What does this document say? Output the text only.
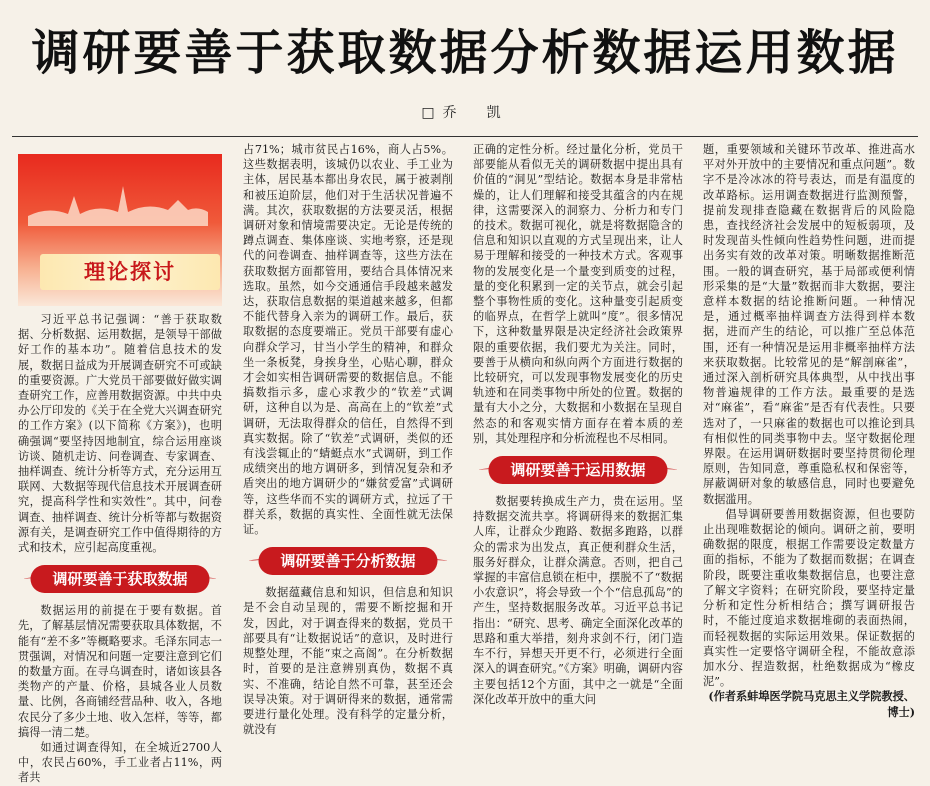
调研要善于获取数据分析数据运用数据
□乔　凯
理论探讨

习近平总书记强调：“善于获取数据、分析数据、运用数据，是领导干部做好工作的基本功”。随着信息技术的发展，数据日益成为开展调查研究不可或缺的重要资源。广大党员干部要做好做实调查研究工作，应善用数据资源。中共中央办公厅印发的《关于在全党大兴调查研究的工作方案》(以下简称《方案》)，也明确强调“要坚持因地制宜，综合运用座谈访谈、随机走访、问卷调查、专家调查、抽样调查、统计分析等方式，充分运用互联网、大数据等现代信息技术开展调查研究，提高科学性和实效性”。其中，问卷调查、抽样调查、统计分析等都与数据资源有关，是调查研究工作中值得期待的方式和技术，应引起高度重视。

调研要善于获取数据

数据运用的前提在于要有数据。首先，了解基层情况需要获取具体数据，不能有“差不多”等概略要求。毛泽东同志一贯强调，对情况和问题一定要注意到它们的数量方面。在寻乌调查时，诸如该县各类物产的产量、价格，县城各业人员数量、比例，各商铺经营品种、收入，各地农民分了多少土地、收入怎样，等等，都搞得一清二楚。

如通过调查得知，在全城近2700人中，农民占60%，手工业者占11%，两者共

占71%；城市贫民占16%，商人占5%。这些数据表明，该城仍以农业、手工业为主体，居民基本都出身农民，属于被剥削和被压迫阶层，他们对于生活状况普遍不满。其次，获取数据的方法要灵活，根据调研对象和情境需要决定。无论是传统的蹲点调查、集体座谈、实地考察，还是现代的问卷调查、抽样调查等，这些方法在获取数据方面都管用，要结合具体情况来选取。虽然，如今交通通信手段越来越发达，获取信息数据的渠道越来越多，但都不能代替身入亲为的调研工作。最后，获取数据的态度要端正。党员干部要有虚心向群众学习，甘当小学生的精神，和群众坐一条板凳，身挨身坐，心贴心聊，群众才会如实相告调研需要的数据信息。不能搞数指示多，虚心求教少的“钦差”式调研，这种自以为是、高高在上的“钦差”式调研，无法取得群众的信任，自然得不到真实数据。除了“钦差”式调研，类似的还有浅尝辄止的“蜻蜓点水”式调研，到工作成绩突出的地方调研多，到情况复杂和矛盾突出的地方调研少的“嫌贫爱富”式调研等，这些华而不实的调研方式，拉远了干群关系，数据的真实性、全面性就无法保证。

调研要善于分析数据

数据蕴藏信息和知识，但信息和知识是不会自动呈现的，需要不断挖掘和开发，因此，对于调查得来的数据，党员干部要具有“让数据说话”的意识，及时进行规整处理，不能“束之高阁”。在分析数据时，首要的是注意辨别真伪，数据不真实、不准确，结论自然不可靠，甚至还会误导决策。对于调研得来的数据，通常需要进行量化处理。没有科学的定量分析，就没有

正确的定性分析。经过量化分析，党员干部要能从看似无关的调研数据中提出具有价值的“洞见”型结论。数据本身是非常枯燥的，让人们理解和接受其蕴含的内在规律，这需要深入的洞察力、分析力和专门的技术。数据可视化，就是将数据隐含的信息和知识以直观的方式呈现出来，让人易于理解和接受的一种技术方式。客观事物的发展变化是一个量变到质变的过程，量的变化积累到一定的关节点，就会引起整个事物性质的变化。这种量变引起质变的临界点，在哲学上就叫“度”。很多情况下，这种数量界限是决定经济社会政策界限的重要依据，我们要尤为关注。同时，要善于从横向和纵向两个方面进行数据的比较研究，可以发现事物发展变化的历史轨迹和在同类事物中所处的位置。数据的量有大小之分，大数据和小数据在呈现自然态的和客观实情方面存在着本质的差别，其处理程序和分析流程也不尽相同。

调研要善于运用数据

数据要转换成生产力，贵在运用。坚持数据交流共享。将调研得来的数据汇集人库，让群众少跑路、数据多跑路，以群众的需求为出发点，真正便利群众生活，服务好群众，让群众满意。否则，把自己掌握的丰富信息锁在柜中，摆脱不了“数据小农意识”，将会导致一个个“信息孤岛”的产生，坚持数据服务改革。习近平总书记指出：“研究、思考、确定全面深化改革的思路和重大举措，刻舟求剑不行，闭门造车不行，异想天开更不行，必须进行全面深入的调查研究。”《方案》明确，调研内容主要包括12个方面，其中之一就是“全面深化改革开放中的重大问

题，重要领域和关键环节改革、推进高水平对外开放中的主要情况和重点问题”。数字不是冷冰冰的符号表达，而是有温度的改革路标。运用调查数据进行监测预警，提前发现排查隐藏在数据背后的风险隐患，查找经济社会发展中的短板弱项，及时发现苗头性倾向性趋势性问题，进而提出务实有效的改革对策。明晰数据推断范围。一般的调查研究，基于局部或便利情形采集的是“大量”数据而非大数据，要注意样本数据的结论推断问题。一种情况是，通过概率抽样调查方法得到样本数据，进而产生的结论，可以推广至总体范围，还有一种情况是运用非概率抽样方法来获取数据。比较常见的是“解剖麻雀”，通过深入剖析研究具体典型，从中找出事物普遍规律的工作方法。最重要的是选对“麻雀”，看“麻雀”是否有代表性。只要选对了，一只麻雀的数据也可以推论到具有相似性的同类事物中去。坚守数据伦理界限。在运用调研数据时要坚持贯彻伦理原则，告知同意，尊重隐私权和保密等，屏蔽调研对象的敏感信息，同时也要避免数据滥用。

倡导调研要善用数据资源，但也要防止出现唯数据论的倾向。调研之前，要明确数据的限度，根据工作需要设定数量方面的指标，不能为了数据而数据；在调查阶段，既要注重收集数据信息，也要注意了解文字资料；在研究阶段，要坚持定量分析和定性分析相结合；撰写调研报告时，不能过度追求数据堆砌的表面热闹，而轻视数据的实际运用效果。保证数据的真实性一定要恪守调研全程，不能故意添加水分、捏造数据，杜绝数据成为“橡皮泥”。

(作者系蚌埠医学院马克思主义学院教授、博士)
